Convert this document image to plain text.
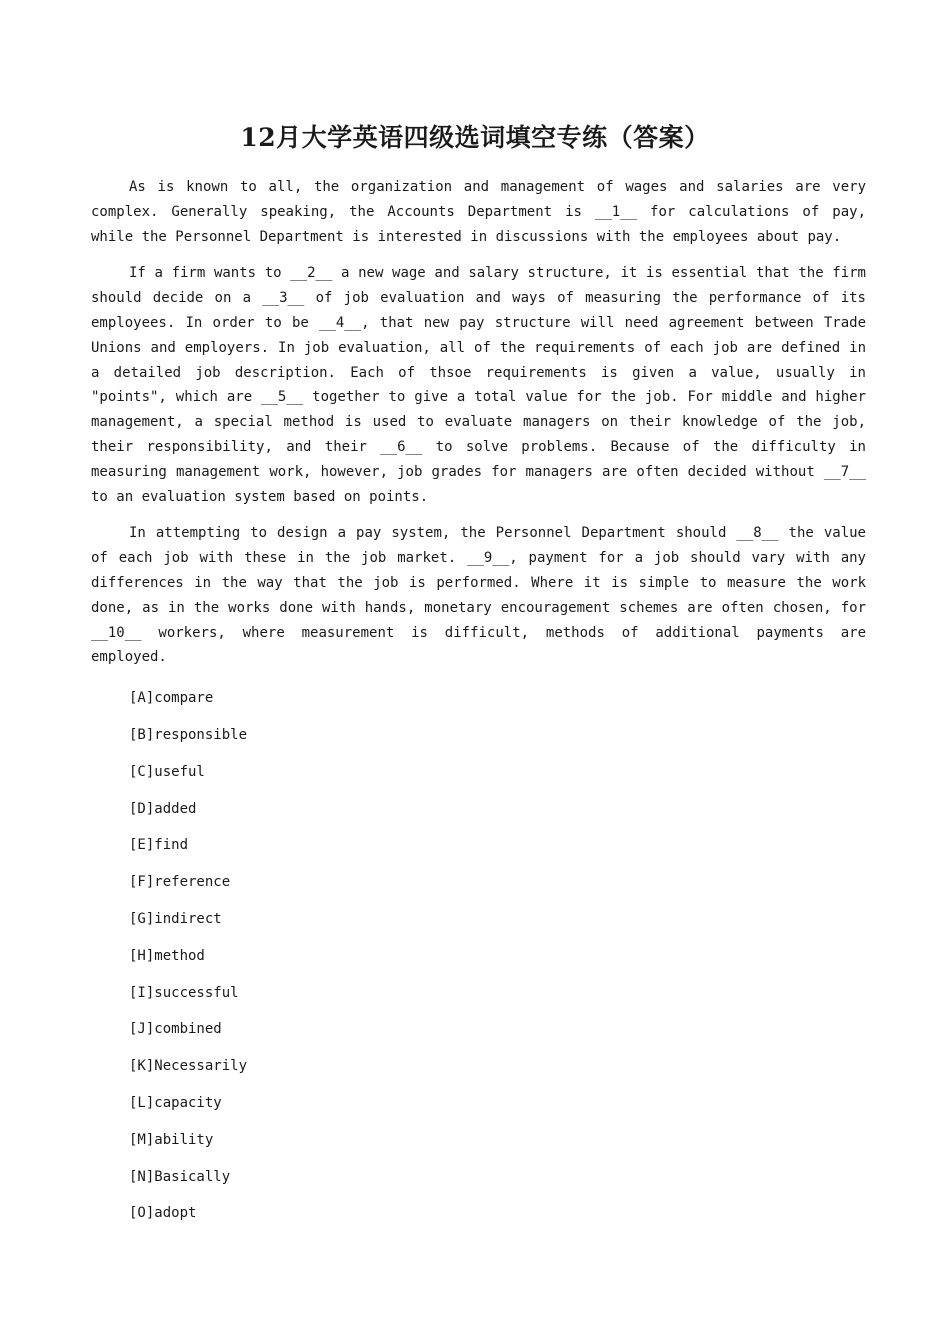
12月大学英语四级选词填空专练（答案）

As is known to all, the organization and management of wages and salaries are very complex. Generally speaking, the Accounts Department is __1__ for calculations of pay, while the Personnel Department is interested in discussions with the employees about pay.

If a firm wants to __2__ a new wage and salary structure, it is essential that the firm should decide on a __3__ of job evaluation and ways of measuring the performance of its employees. In order to be __4__, that new pay structure will need agreement between Trade Unions and employers. In job evaluation, all of the requirements of each job are defined in a detailed job description. Each of thsoe requirements is given a value, usually in "points", which are __5__ together to give a total value for the job. For middle and higher management, a special method is used to evaluate managers on their knowledge of the job, their responsibility, and their __6__ to solve problems. Because of the difficulty in measuring management work, however, job grades for managers are often decided without __7__ to an evaluation system based on points.

In attempting to design a pay system, the Personnel Department should __8__ the value of each job with these in the job market. __9__, payment for a job should vary with any differences in the way that the job is performed. Where it is simple to measure the work done, as in the works done with hands, monetary encouragement schemes are often chosen, for __10__ workers, where measurement is difficult, methods of additional payments are employed.

[A]compare
[B]responsible
[C]useful
[D]added
[E]find
[F]reference
[G]indirect
[H]method
[I]successful
[J]combined
[K]Necessarily
[L]capacity
[M]ability
[N]Basically
[O]adopt
